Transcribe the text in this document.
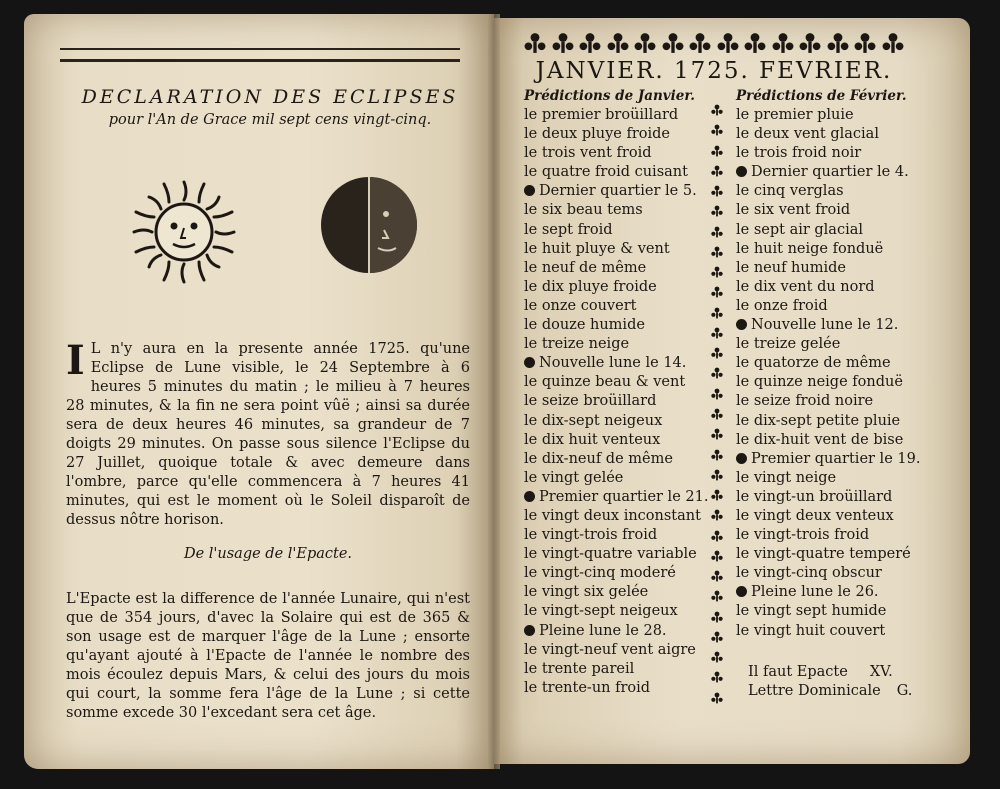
DECLARATION DES ECLIPSES
pour l'An de Grace mil sept cens vingt-cinq.
I L n'y aura en la presente année 1725. qu'une Eclipse de Lune visible, le 24 Septembre à 6 heures 5 minutes du matin ; le milieu à 7 heures 28 minutes, & la fin ne sera point vûë ; ainsi sa durée sera de deux heures 46 minutes, sa grandeur de 7 doigts 29 minutes. On passe sous silence l'Eclipse du 27 Juillet, quoique totale & avec demeure dans l'ombre, parce qu'elle commencera à 7 heures 41 minutes, qui est le moment où le Soleil disparoît de dessus nôtre horison.
De l'usage de l'Epacte.
L'Epacte est la difference de l'année Lunaire, qui n'est que de 354 jours, d'avec la Solaire qui est de 365 & son usage est de marquer l'âge de la Lune ; ensorte qu'ayant ajouté à l'Epacte de l'année le nombre des mois écoulez depuis Mars, & celui des jours du mois qui court, la somme fera l'âge de la Lune ; si cette somme excede 30 l'excedant sera cet âge.
JANVIER. 1725. FEVRIER.
Prédictions de Janvier.
le premier broüillard
le deux pluye froide
le trois vent froid
le quatre froid cuisant
Dernier quartier le 5.
le six beau tems
le sept froid
le huit pluye & vent
le neuf de même
le dix pluye froide
le onze couvert
le douze humide
le treize neige
Nouvelle lune le 14.
le quinze beau & vent
le seize broüillard
le dix-sept neigeux
le dix huit venteux
le dix-neuf de même
le vingt gelée
Premier quartier le 21.
le vingt deux inconstant
le vingt-trois froid
le vingt-quatre variable
le vingt-cinq moderé
le vingt six gelée
le vingt-sept neigeux
Pleine lune le 28.
le vingt-neuf vent aigre
le trente pareil
le trente-un froid
Prédictions de Février.
le premier pluie
le deux vent glacial
le trois froid noir
Dernier quartier le 4.
le cinq verglas
le six vent froid
le sept air glacial
le huit neige fonduë
le neuf humide
le dix vent du nord
le onze froid
Nouvelle lune le 12.
le treize gelée
le quatorze de même
le quinze neige fonduë
le seize froid noire
le dix-sept petite pluie
le dix-huit vent de bise
Premier quartier le 19.
le vingt neige
le vingt-un broüillard
le vingt deux venteux
le vingt-trois froid
le vingt-quatre temperé
le vingt-cinq obscur
Pleine lune le 26.
le vingt sept humide
le vingt huit couvert
Il faut Epacte XV.
Lettre Dominicale G.
